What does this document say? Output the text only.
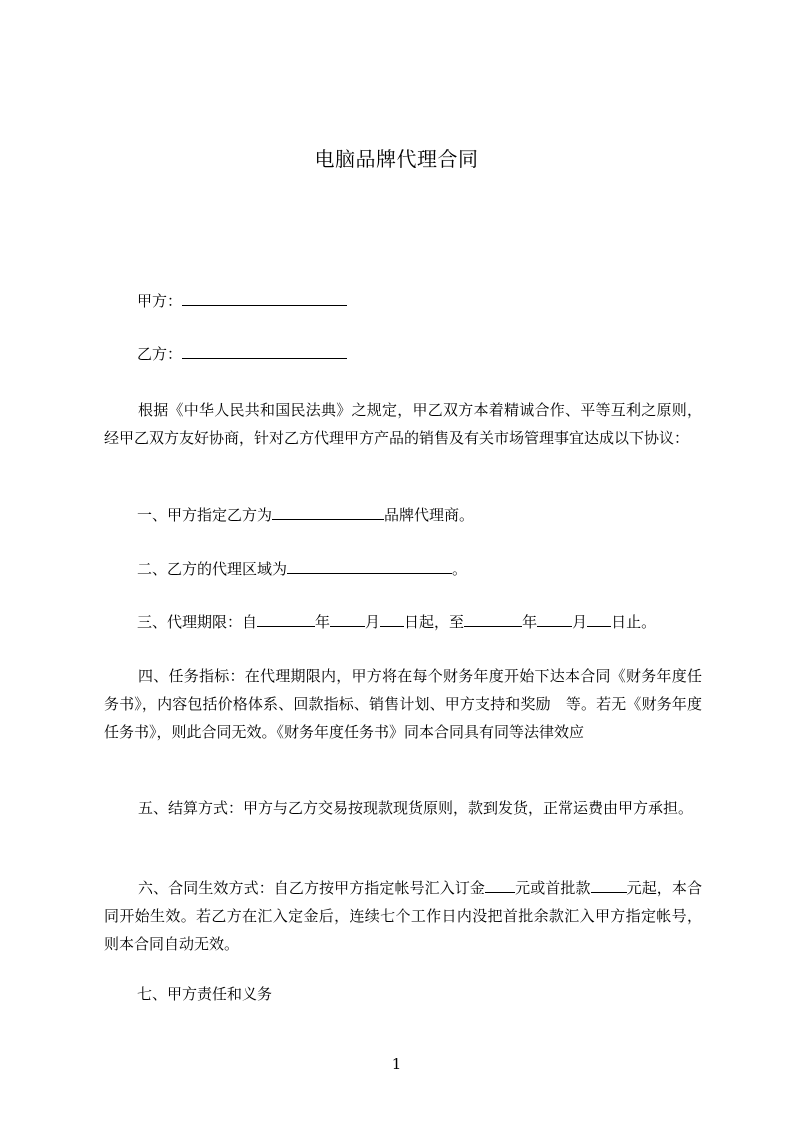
电脑品牌代理合同
甲方：
乙方：
根据《中华人民共和国民法典》之规定，甲乙双方本着精诚合作、平等互利之原则，经甲乙双方友好协商，针对乙方代理甲方产品的销售及有关市场管理事宜达成以下协议：
一、甲方指定乙方为	品牌代理商。
二、乙方的代理区域为	。
三、代理期限：自	年 月 日起，至	年 月 日止。
四、任务指标：在代理期限内，甲方将在每个财务年度开始下达本合同《财务年度任务书》，内容包括价格体系、回款指标、销售计划、甲方支持和奖励　等。若无《财务年度任务书》，则此合同无效。《财务年度任务书》同本合同具有同等法律效应
五、结算方式：甲方与乙方交易按现款现货原则，款到发货，正常运费由甲方承担。
六、合同生效方式：自乙方按甲方指定帐号汇入订金 元或首批款 元起，本合同开始生效。若乙方在汇入定金后，连续七个工作日内没把首批余款汇入甲方指定帐号，则本合同自动无效。
七、甲方责任和义务
1
